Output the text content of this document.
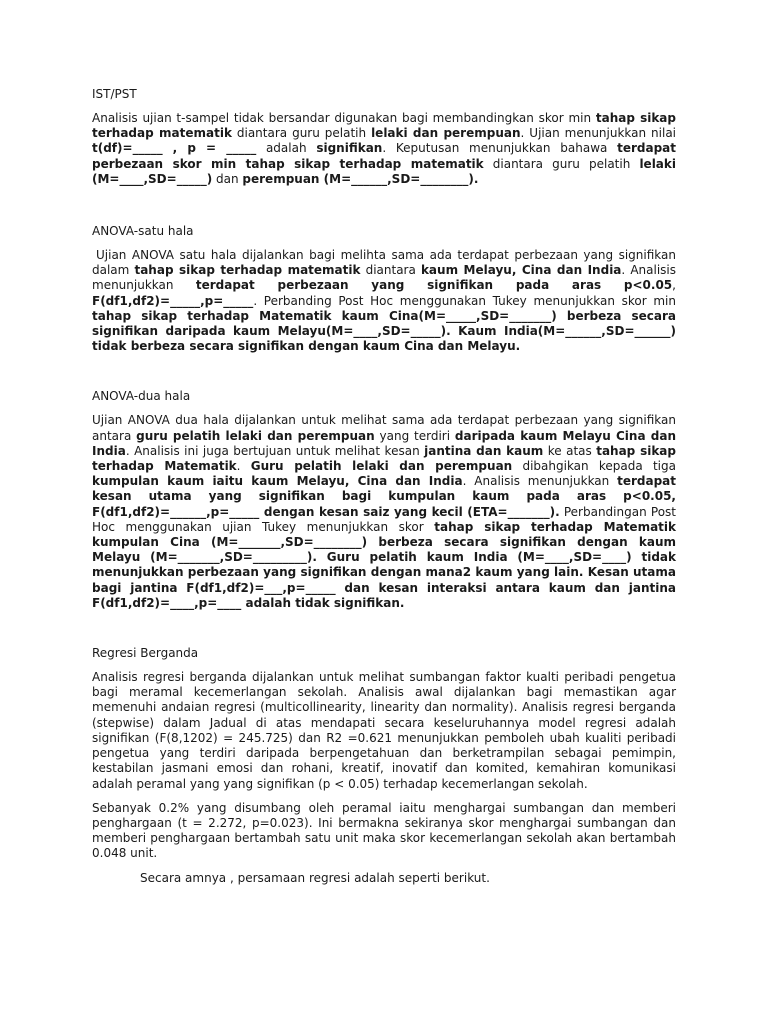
IST/PST

Analisis ujian t-sampel tidak bersandar digunakan bagi membandingkan skor min tahap sikap terhadap matematik diantara guru pelatih lelaki dan perempuan. Ujian menunjukkan nilai t(df)=_____ , p = _____ adalah signifikan. Keputusan menunjukkan bahawa terdapat perbezaan skor min tahap sikap terhadap matematik diantara guru pelatih lelaki (M=____,SD=_____) dan perempuan (M=______,SD=________).

ANOVA-satu hala

Ujian ANOVA satu hala dijalankan bagi melihta sama ada terdapat perbezaan yang signifikan dalam tahap sikap terhadap matematik diantara kaum Melayu, Cina dan India. Analisis menunjukkan terdapat perbezaan yang signifikan pada aras p<0.05, F(df1,df2)=_____,p=_____. Perbanding Post Hoc menggunakan Tukey menunjukkan skor min tahap sikap terhadap Matematik kaum Cina(M=_____,SD=_______) berbeza secara signifikan daripada kaum Melayu(M=____,SD=_____). Kaum India(M=______,SD=______) tidak berbeza secara signifikan dengan kaum Cina dan Melayu.

ANOVA-dua hala

Ujian ANOVA dua hala dijalankan untuk melihat sama ada terdapat perbezaan yang signifikan antara guru pelatih lelaki dan perempuan yang terdiri daripada kaum Melayu Cina dan India. Analisis ini juga bertujuan untuk melihat kesan jantina dan kaum ke atas tahap sikap terhadap Matematik. Guru pelatih lelaki dan perempuan dibahgikan kepada tiga kumpulan kaum iaitu kaum Melayu, Cina dan India. Analisis menunjukkan terdapat kesan utama yang signifikan bagi kumpulan kaum pada aras p<0.05, F(df1,df2)=______,p=_____ dengan kesan saiz yang kecil (ETA=_______). Perbandingan Post Hoc menggunakan ujian Tukey menunjukkan skor tahap sikap terhadap Matematik kumpulan Cina (M=_______,SD=________) berbeza secara signifikan dengan kaum Melayu (M=_______,SD=_________). Guru pelatih kaum India (M=____,SD=____) tidak menunjukkan perbezaan yang signifikan dengan mana2 kaum yang lain. Kesan utama bagi jantina F(df1,df2)=___,p=_____ dan kesan interaksi antara kaum dan jantina F(df1,df2)=____,p=____ adalah tidak signifikan.

Regresi Berganda

Analisis regresi berganda dijalankan untuk melihat sumbangan faktor kualti peribadi pengetua bagi meramal kecemerlangan sekolah. Analisis awal dijalankan bagi memastikan agar memenuhi andaian regresi (multicollinearity, linearity dan normality). Analisis regresi berganda (stepwise) dalam Jadual di atas mendapati secara keseluruhannya model regresi adalah signifikan (F(8,1202) = 245.725) dan R2 =0.621 menunjukkan pemboleh ubah kualiti peribadi pengetua yang terdiri daripada berpengetahuan dan berketrampilan sebagai pemimpin, kestabilan jasmani emosi dan rohani, kreatif, inovatif dan komited, kemahiran komunikasi adalah peramal yang yang signifikan (p < 0.05) terhadap kecemerlangan sekolah.

Sebanyak 0.2% yang disumbang oleh peramal iaitu menghargai sumbangan dan memberi penghargaan (t = 2.272, p=0.023). Ini bermakna sekiranya skor menghargai sumbangan dan memberi penghargaan bertambah satu unit maka skor kecemerlangan sekolah akan bertambah 0.048 unit.

Secara amnya , persamaan regresi adalah seperti berikut.
